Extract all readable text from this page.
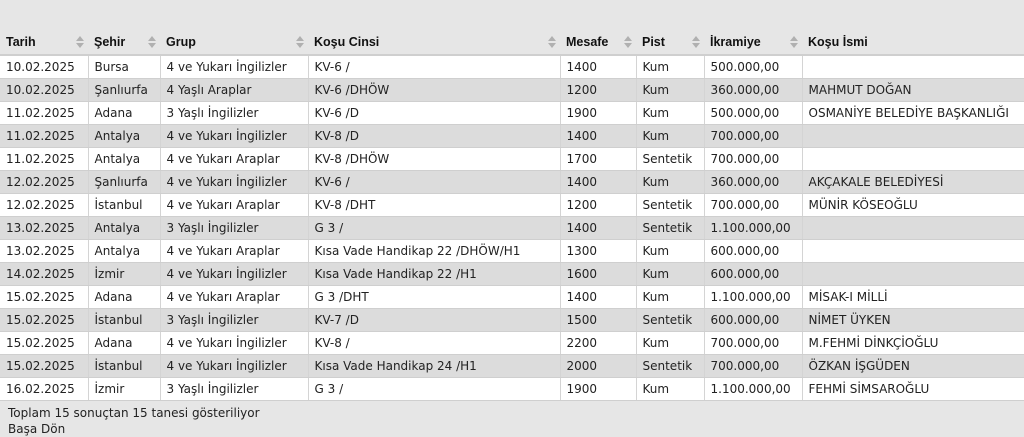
Tarih	Şehir	Grup	Koşu Cinsi	Mesafe	Pist	İkramiye	Koşu İsmi
10.02.2025	Bursa	4 ve Yukarı İngilizler	KV-6 /	1400	Kum	500.000,00	
10.02.2025	Şanlıurfa	4 Yaşlı Araplar	KV-6 /DHÖW	1200	Kum	360.000,00	MAHMUT DOĞAN
11.02.2025	Adana	3 Yaşlı İngilizler	KV-6 /D	1900	Kum	500.000,00	OSMANİYE BELEDİYE BAŞKANLIĞI
11.02.2025	Antalya	4 ve Yukarı İngilizler	KV-8 /D	1400	Kum	700.000,00	
11.02.2025	Antalya	4 ve Yukarı Araplar	KV-8 /DHÖW	1700	Sentetik	700.000,00	
12.02.2025	Şanlıurfa	4 ve Yukarı İngilizler	KV-6 /	1400	Kum	360.000,00	AKÇAKALE BELEDİYESİ
12.02.2025	İstanbul	4 ve Yukarı Araplar	KV-8 /DHT	1200	Sentetik	700.000,00	MÜNİR KÖSEOĞLU
13.02.2025	Antalya	3 Yaşlı İngilizler	G 3 /	1400	Sentetik	1.100.000,00	
13.02.2025	Antalya	4 ve Yukarı Araplar	Kısa Vade Handikap 22 /DHÖW/H1	1300	Kum	600.000,00	
14.02.2025	İzmir	4 ve Yukarı İngilizler	Kısa Vade Handikap 22 /H1	1600	Kum	600.000,00	
15.02.2025	Adana	4 ve Yukarı Araplar	G 3 /DHT	1400	Kum	1.100.000,00	MİSAK-I MİLLİ
15.02.2025	İstanbul	3 Yaşlı İngilizler	KV-7 /D	1500	Sentetik	600.000,00	NİMET ÜYKEN
15.02.2025	Adana	4 ve Yukarı İngilizler	KV-8 /	2200	Kum	700.000,00	M.FEHMİ DİNKÇİOĞLU
15.02.2025	İstanbul	4 ve Yukarı İngilizler	Kısa Vade Handikap 24 /H1	2000	Sentetik	700.000,00	ÖZKAN İŞGÜDEN
16.02.2025	İzmir	3 Yaşlı İngilizler	G 3 /	1900	Kum	1.100.000,00	FEHMİ SİMSAROĞLU
Toplam 15 sonuçtan 15 tanesi gösteriliyor
Başa Dön
